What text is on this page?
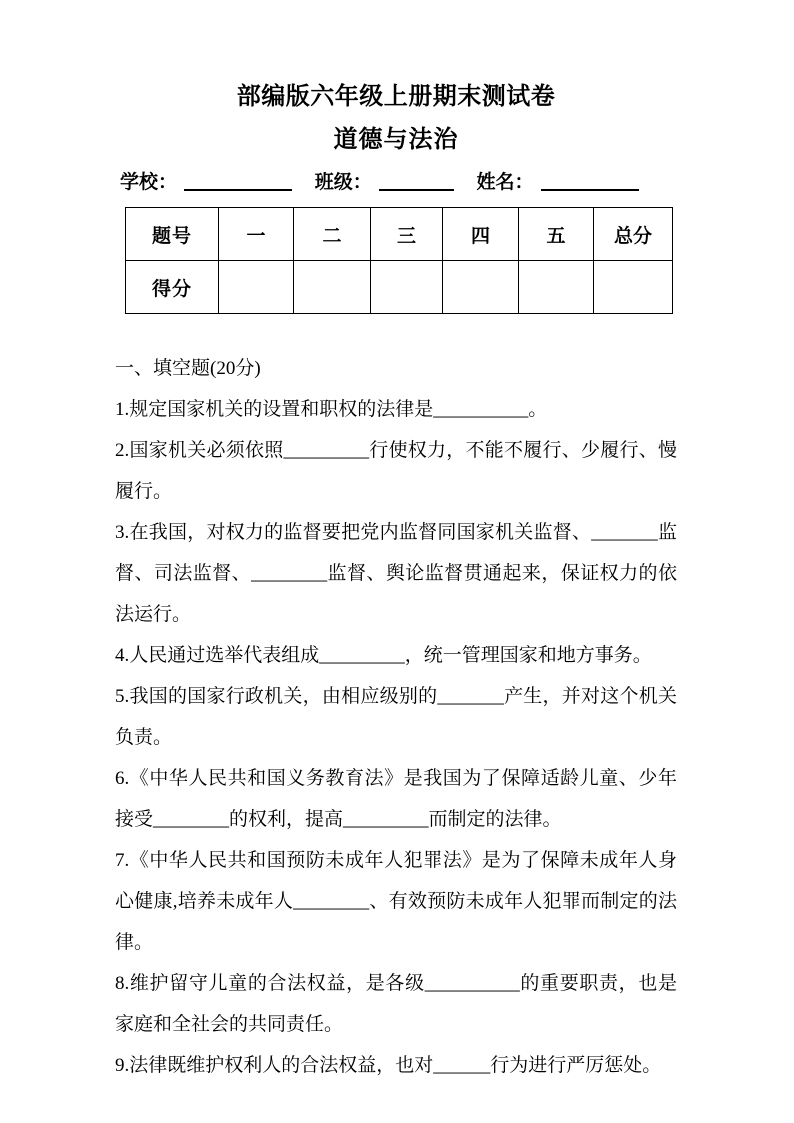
部编版六年级上册期末测试卷
道德与法治
学校：	班级：	姓名：
题号	一	二	三	四	五	总分
得分						

一、填空题(20分)

1.规定国家机关的设置和职权的法律是__________。

2.国家机关必须依照_________行使权力，不能不履行、少履行、慢履行。

3.在我国，对权力的监督要把党内监督同国家机关监督、_______监督、司法监督、________监督、舆论监督贯通起来，保证权力的依法运行。

4.人民通过选举代表组成_________，统一管理国家和地方事务。

5.我国的国家行政机关，由相应级别的_______产生，并对这个机关负责。

6.《中华人民共和国义务教育法》是我国为了保障适龄儿童、少年接受________的权利，提高_________而制定的法律。

7.《中华人民共和国预防未成年人犯罪法》是为了保障未成年人身心健康,培养未成年人________、有效预防未成年人犯罪而制定的法律。

8.维护留守儿童的合法权益，是各级__________的重要职责，也是家庭和全社会的共同责任。

9.法律既维护权利人的合法权益，也对______行为进行严厉惩处。
